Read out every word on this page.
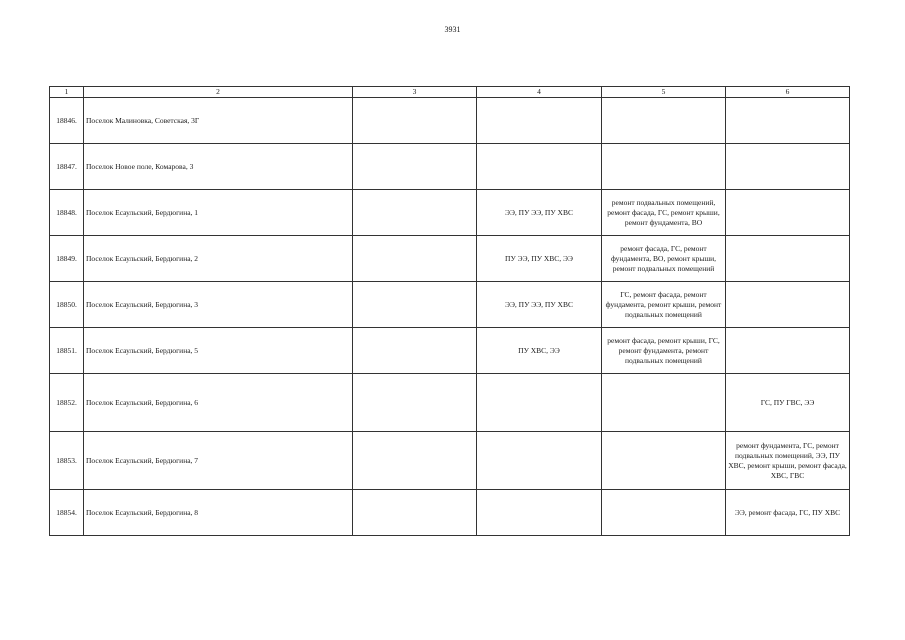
3931
1	2	3	4	5	6
18846.	Поселок Малиновка, Советская, 3Г				
18847.	Поселок Новое поле, Комарова, 3				
18848.	Поселок Есаульский, Бердюгина, 1		ЭЭ, ПУ ЭЭ, ПУ ХВС	ремонт подвальных помещений, ремонт фасада, ГС, ремонт крыши, ремонт фундамента, ВО	
18849.	Поселок Есаульский, Бердюгина, 2		ПУ ЭЭ, ПУ ХВС, ЭЭ	ремонт фасада, ГС, ремонт фундамента, ВО, ремонт крыши, ремонт подвальных помещений	
18850.	Поселок Есаульский, Бердюгина, 3		ЭЭ, ПУ ЭЭ, ПУ ХВС	ГС, ремонт фасада, ремонт фундамента, ремонт крыши, ремонт подвальных помещений	
18851.	Поселок Есаульский, Бердюгина, 5		ПУ ХВС, ЭЭ	ремонт фасада, ремонт крыши, ГС, ремонт фундамента, ремонт подвальных помещений	
18852.	Поселок Есаульский, Бердюгина, 6				ГС, ПУ ГВС, ЭЭ
18853.	Поселок Есаульский, Бердюгина, 7				ремонт фундамента, ГС, ремонт подвальных помещений, ЭЭ, ПУ ХВС, ремонт крыши, ремонт фасада, ХВС, ГВС
18854.	Поселок Есаульский, Бердюгина, 8				ЭЭ, ремонт фасада, ГС, ПУ ХВС
